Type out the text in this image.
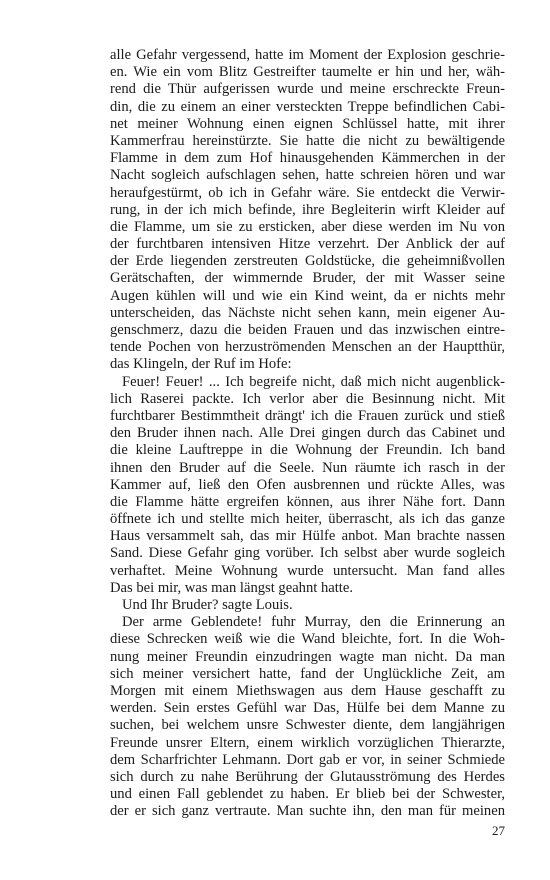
alle Gefahr vergessend, hatte im Moment der Explosion geschrie-
en. Wie ein vom Blitz Gestreifter taumelte er hin und her, wäh-
rend die Thür aufgerissen wurde und meine erschreckte Freun-
din, die zu einem an einer versteckten Treppe befindlichen Cabi-
net meiner Wohnung einen eignen Schlüssel hatte, mit ihrer
Kammerfrau hereinstürzte. Sie hatte die nicht zu bewältigende
Flamme in dem zum Hof hinausgehenden Kämmerchen in der
Nacht sogleich aufschlagen sehen, hatte schreien hören und war
heraufgestürmt, ob ich in Gefahr wäre. Sie entdeckt die Verwir-
rung, in der ich mich befinde, ihre Begleiterin wirft Kleider auf
die Flamme, um sie zu ersticken, aber diese werden im Nu von
der furchtbaren intensiven Hitze verzehrt. Der Anblick der auf
der Erde liegenden zerstreuten Goldstücke, die geheimnißvollen
Gerätschaften, der wimmernde Bruder, der mit Wasser seine
Augen kühlen will und wie ein Kind weint, da er nichts mehr
unterscheiden, das Nächste nicht sehen kann, mein eigener Au-
genschmerz, dazu die beiden Frauen und das inzwischen eintre-
tende Pochen von herzuströmenden Menschen an der Hauptthür,
das Klingeln, der Ruf im Hofe:
Feuer! Feuer! ... Ich begreife nicht, daß mich nicht augenblick-
lich Raserei packte. Ich verlor aber die Besinnung nicht. Mit
furchtbarer Bestimmtheit drängt' ich die Frauen zurück und stieß
den Bruder ihnen nach. Alle Drei gingen durch das Cabinet und
die kleine Lauftreppe in die Wohnung der Freundin. Ich band
ihnen den Bruder auf die Seele. Nun räumte ich rasch in der
Kammer auf, ließ den Ofen ausbrennen und rückte Alles, was
die Flamme hätte ergreifen können, aus ihrer Nähe fort. Dann
öffnete ich und stellte mich heiter, überrascht, als ich das ganze
Haus versammelt sah, das mir Hülfe anbot. Man brachte nassen
Sand. Diese Gefahr ging vorüber. Ich selbst aber wurde sogleich
verhaftet. Meine Wohnung wurde untersucht. Man fand alles
Das bei mir, was man längst geahnt hatte.
Und Ihr Bruder? sagte Louis.
Der arme Geblendete! fuhr Murray, den die Erinnerung an
diese Schrecken weiß wie die Wand bleichte, fort. In die Woh-
nung meiner Freundin einzudringen wagte man nicht. Da man
sich meiner versichert hatte, fand der Unglückliche Zeit, am
Morgen mit einem Miethswagen aus dem Hause geschafft zu
werden. Sein erstes Gefühl war Das, Hülfe bei dem Manne zu
suchen, bei welchem unsre Schwester diente, dem langjährigen
Freunde unsrer Eltern, einem wirklich vorzüglichen Thierarzte,
dem Scharfrichter Lehmann. Dort gab er vor, in seiner Schmiede
sich durch zu nahe Berührung der Glutausströmung des Herdes
und einen Fall geblendet zu haben. Er blieb bei der Schwester,
der er sich ganz vertraute. Man suchte ihn, den man für meinen
27
